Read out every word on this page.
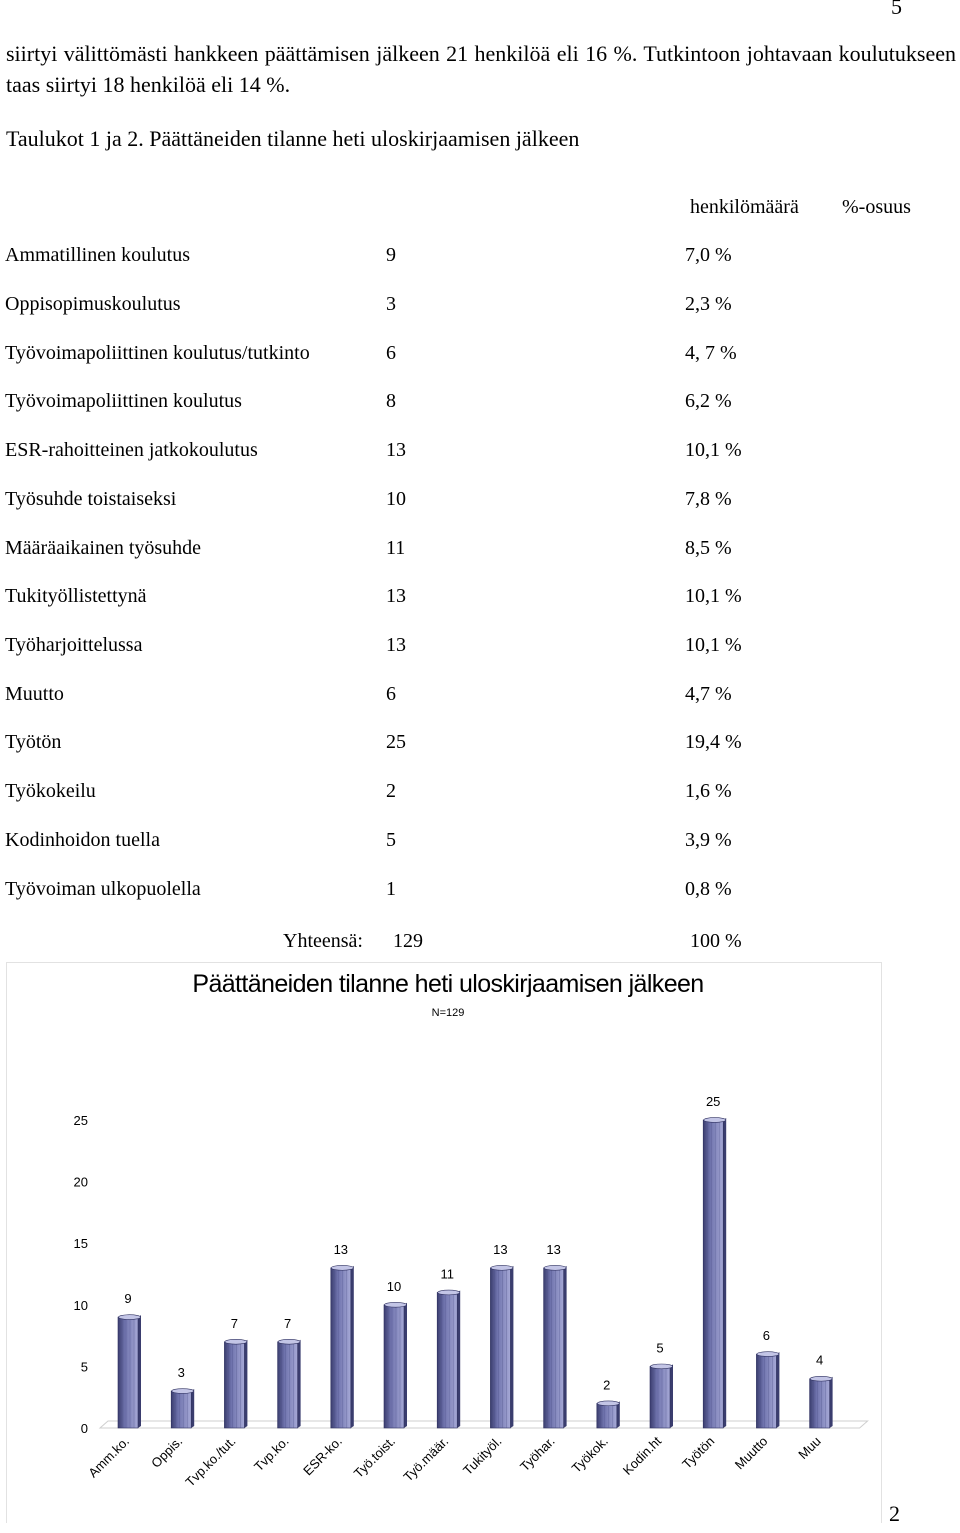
5
siirtyi välittömästi hankkeen päättämisen jälkeen 21 henkilöä eli 16 %. Tutkintoon johtavaan koulutukseen taas siirtyi 18 henkilöä eli 14 %.
Taulukot 1 ja 2. Päättäneiden tilanne heti uloskirjaamisen jälkeen
henkilömäärä %-osuus
Ammatillinen koulutus	9	7,0 %
Oppisopimuskoulutus	3	2,3 %
Työvoimapoliittinen koulutus/tutkinto	6	4, 7 %
Työvoimapoliittinen koulutus	8	6,2 %
ESR-rahoitteinen jatkokoulutus	13	10,1 %
Työsuhde toistaiseksi	10	7,8 %
Määräaikainen työsuhde	11	8,5 %
Tukityöllistettynä	13	10,1 %
Työharjoittelussa	13	10,1 %
Muutto	6	4,7 %
Työtön	25	19,4 %
Työkokeilu	2	1,6 %
Kodinhoidon tuella	5	3,9 %
Työvoiman ulkopuolella	1	0,8 %
Yhteensä: 129	100 %
Päättäneiden tilanne heti uloskirjaamisen jälkeen
N=129
0
5
10
15
20
25
9
Amm.ko.
3
Oppis.
7
Tvp.ko./tut.
7
Tvp.ko.
13
ESR-ko.
10
Työ.toist.
11
Työ.määr.
13
Tukityöl.
13
Työhar.
2
Työkok.
5
Kodin.ht
25
Työtön
6
Muutto
4
Muu
2
